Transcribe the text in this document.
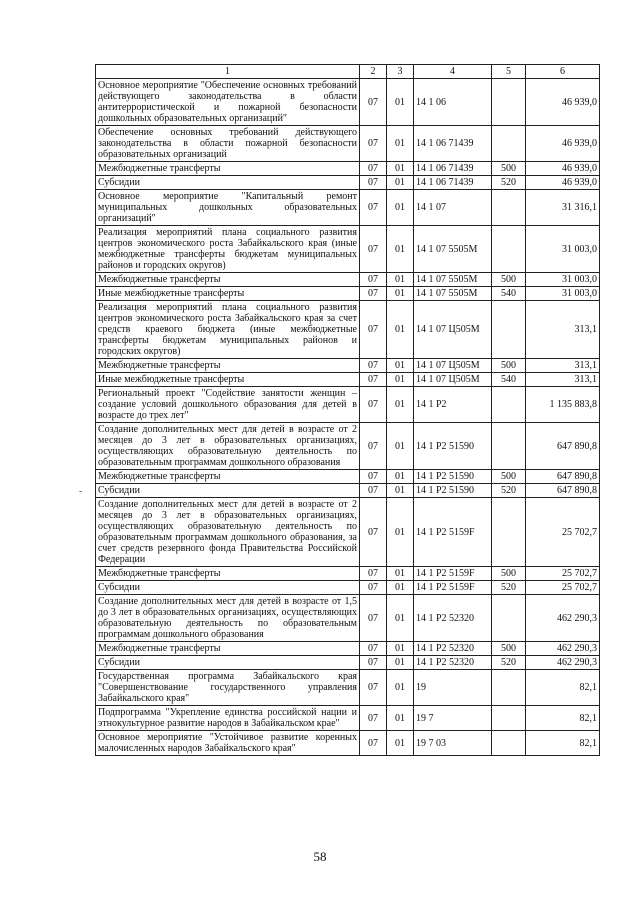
1	2	3	4	5	6
Основное мероприятие "Обеспечение основных требований действующего законодательства в области антитеррористической и пожарной безопасности дошкольных образовательных организаций"	07	01	14 1 06		46 939,0
Обеспечение основных требований действующего законодательства в области пожарной безопасности образовательных организаций	07	01	14 1 06 71439		46 939,0
Межбюджетные трансферты	07	01	14 1 06 71439	500	46 939,0
Субсидии	07	01	14 1 06 71439	520	46 939,0
Основное мероприятие "Капитальный ремонт муниципальных дошкольных образовательных организаций"	07	01	14 1 07		31 316,1
Реализация мероприятий плана социального развития центров экономического роста Забайкальского края (иные межбюджетные трансферты бюджетам муниципальных районов и городских округов)	07	01	14 1 07 5505М		31 003,0
Межбюджетные трансферты	07	01	14 1 07 5505М	500	31 003,0
Иные межбюджетные трансферты	07	01	14 1 07 5505М	540	31 003,0
Реализация мероприятий плана социального развития центров экономического роста Забайкальского края за счет средств краевого бюджета (иные межбюджетные трансферты бюджетам муниципальных районов и городских округов)	07	01	14 1 07 Ц505М		313,1
Межбюджетные трансферты	07	01	14 1 07 Ц505М	500	313,1
Иные межбюджетные трансферты	07	01	14 1 07 Ц505М	540	313,1
Региональный проект "Содействие занятости женщин – создание условий дошкольного образования для детей в возрасте до трех лет"	07	01	14 1 P2		1 135 883,8
Создание дополнительных мест для детей в возрасте от 2 месяцев до 3 лет в образовательных организациях, осуществляющих образовательную деятельность по образовательным программам дошкольного образования	07	01	14 1 P2 51590		647 890,8
Межбюджетные трансферты	07	01	14 1 P2 51590	500	647 890,8
Субсидии	07	01	14 1 P2 51590	520	647 890,8
Создание дополнительных мест для детей в возрасте от 2 месяцев до 3 лет в образовательных организациях, осуществляющих образовательную деятельность по образовательным программам дошкольного образования, за счет средств резервного фонда Правительства Российской Федерации	07	01	14 1 P2 5159F		25 702,7
Межбюджетные трансферты	07	01	14 1 P2 5159F	500	25 702,7
Субсидии	07	01	14 1 P2 5159F	520	25 702,7
Создание дополнительных мест для детей в возрасте от 1,5 до 3 лет в образовательных организациях, осуществляющих образовательную деятельность по образовательным программам дошкольного образования	07	01	14 1 P2 52320		462 290,3
Межбюджетные трансферты	07	01	14 1 P2 52320	500	462 290,3
Субсидии	07	01	14 1 P2 52320	520	462 290,3
Государственная программа Забайкальского края "Совершенствование государственного управления Забайкальского края"	07	01	19		82,1
Подпрограмма "Укрепление единства российской нации и этнокультурное развитие народов в Забайкальском крае"	07	01	19 7		82,1
Основное мероприятие "Устойчивое развитие коренных малочисленных народов Забайкальского края"	07	01	19 7 03		82,1
-
58
